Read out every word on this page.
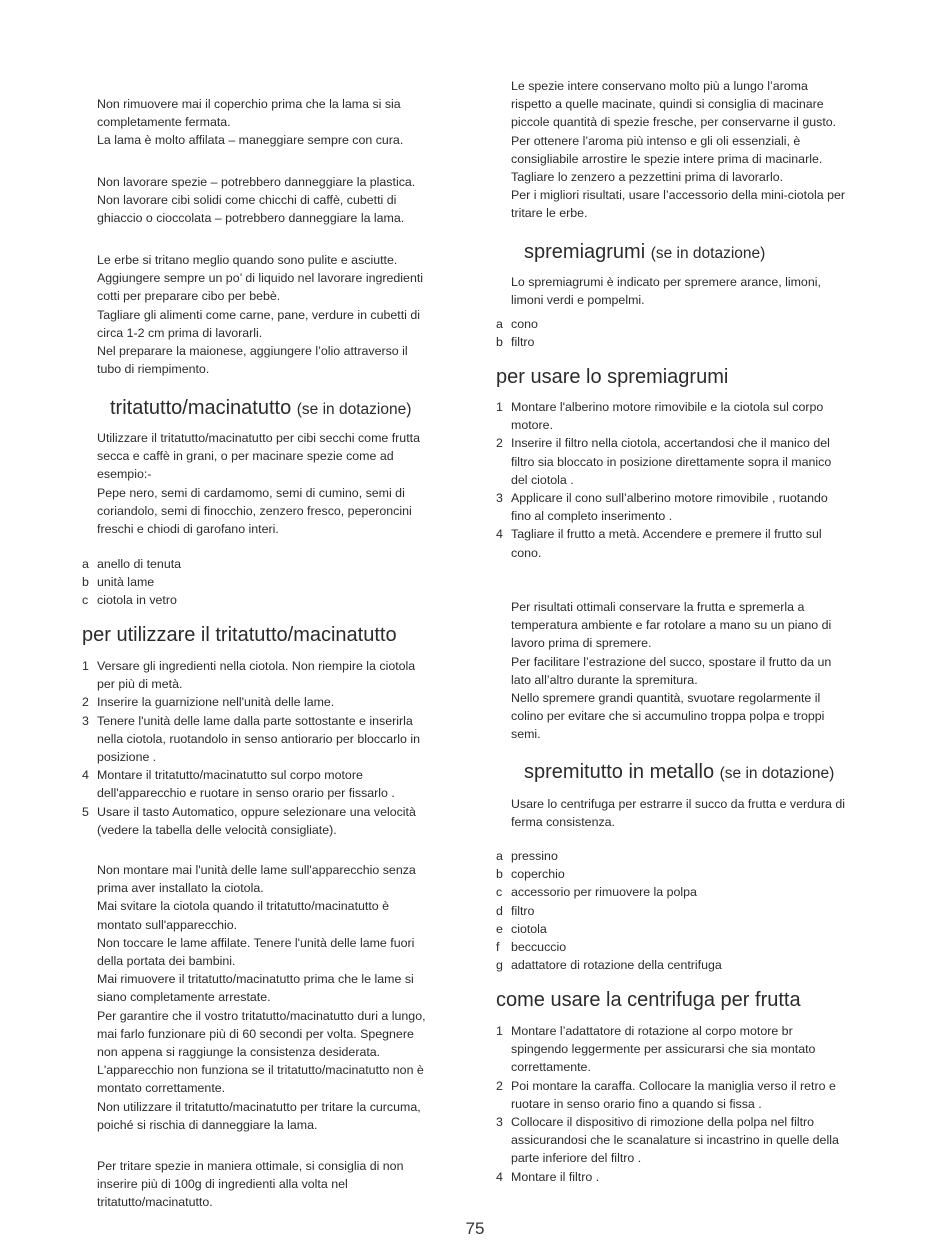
Non rimuovere mai il coperchio prima che la lama si sia
completamente fermata.
La lama è molto affilata – maneggiare sempre con cura.
Non lavorare spezie – potrebbero danneggiare la plastica.
Non lavorare cibi solidi come chicchi di caffè, cubetti di
ghiaccio o cioccolata – potrebbero danneggiare la lama.
Le erbe si tritano meglio quando sono pulite e asciutte.
Aggiungere sempre un po’ di liquido nel lavorare ingredienti
cotti per preparare cibo per bebè.
Tagliare gli alimenti come carne, pane, verdure in cubetti di
circa 1-2 cm prima di lavorarli.
Nel preparare la maionese, aggiungere l’olio attraverso il
tubo di riempimento.
tritatutto/macinatutto (se in dotazione)
Utilizzare il tritatutto/macinatutto per cibi secchi come frutta
secca e caffè in grani, o per macinare spezie come ad
esempio:-
Pepe nero, semi di cardamomo, semi di cumino, semi di
coriandolo, semi di finocchio, zenzero fresco, peperoncini
freschi e chiodi di garofano interi.
a anello di tenuta
b unità lame
c ciotola in vetro
per utilizzare il tritatutto/macinatutto
1 Versare gli ingredienti nella ciotola. Non riempire la ciotola
per più di metà.
2 Inserire la guarnizione nell'unità delle lame.
3 Tenere l'unità delle lame dalla parte sottostante e inserirla
nella ciotola, ruotandolo in senso antiorario per bloccarlo in
posizione .
4 Montare il tritatutto/macinatutto sul corpo motore
dell'apparecchio e ruotare in senso orario per fissarlo .
5 Usare il tasto Automatico, oppure selezionare una velocità
(vedere la tabella delle velocità consigliate).
Non montare mai l'unità delle lame sull'apparecchio senza
prima aver installato la ciotola.
Mai svitare la ciotola quando il tritatutto/macinatutto è
montato sull'apparecchio.
Non toccare le lame affilate. Tenere l'unità delle lame fuori
della portata dei bambini.
Mai rimuovere il tritatutto/macinatutto prima che le lame si
siano completamente arrestate.
Per garantire che il vostro tritatutto/macinatutto duri a lungo,
mai farlo funzionare più di 60 secondi per volta. Spegnere
non appena si raggiunge la consistenza desiderata.
L'apparecchio non funziona se il tritatutto/macinatutto non è
montato correttamente.
Non utilizzare il tritatutto/macinatutto per tritare la curcuma,
poiché si rischia di danneggiare la lama.
Per tritare spezie in maniera ottimale, si consiglia di non
inserire più di 100g di ingredienti alla volta nel
tritatutto/macinatutto.
Le spezie intere conservano molto più a lungo l’aroma
rispetto a quelle macinate, quindi si consiglia di macinare
piccole quantità di spezie fresche, per conservarne il gusto.
Per ottenere l’aroma più intenso e gli oli essenziali, è
consigliabile arrostire le spezie intere prima di macinarle.
Tagliare lo zenzero a pezzettini prima di lavorarlo.
Per i migliori risultati, usare l’accessorio della mini-ciotola per
tritare le erbe.
spremiagrumi (se in dotazione)
Lo spremiagrumi è indicato per spremere arance, limoni,
limoni verdi e pompelmi.
a cono
b filtro
per usare lo spremiagrumi
1 Montare l'alberino motore rimovibile e la ciotola sul corpo
motore.
2 Inserire il filtro nella ciotola, accertandosi che il manico del
filtro sia bloccato in posizione direttamente sopra il manico
del ciotola .
3 Applicare il cono sull’alberino motore rimovibile , ruotando
fino al completo inserimento .
4 Tagliare il frutto a metà. Accendere e premere il frutto sul
cono.
Per risultati ottimali conservare la frutta e spremerla a
temperatura ambiente e far rotolare a mano su un piano di
lavoro prima di spremere.
Per facilitare l’estrazione del succo, spostare il frutto da un
lato all’altro durante la spremitura.
Nello spremere grandi quantità, svuotare regolarmente il
colino per evitare che si accumulino troppa polpa e troppi
semi.
spremitutto in metallo (se in dotazione)
Usare lo centrifuga per estrarre il succo da frutta e verdura di
ferma consistenza.
a pressino
b coperchio
c accessorio per rimuovere la polpa
d filtro
e ciotola
f beccuccio
g adattatore di rotazione della centrifuga
come usare la centrifuga per frutta
1 Montare l’adattatore di rotazione al corpo motore br
spingendo leggermente per assicurarsi che sia montato
correttamente.
2 Poi montare la caraffa. Collocare la maniglia verso il retro e
ruotare in senso orario fino a quando si fissa .
3 Collocare il dispositivo di rimozione della polpa nel filtro
assicurandosi che le scanalature si incastrino in quelle della
parte inferiore del filtro .
4 Montare il filtro .
75
